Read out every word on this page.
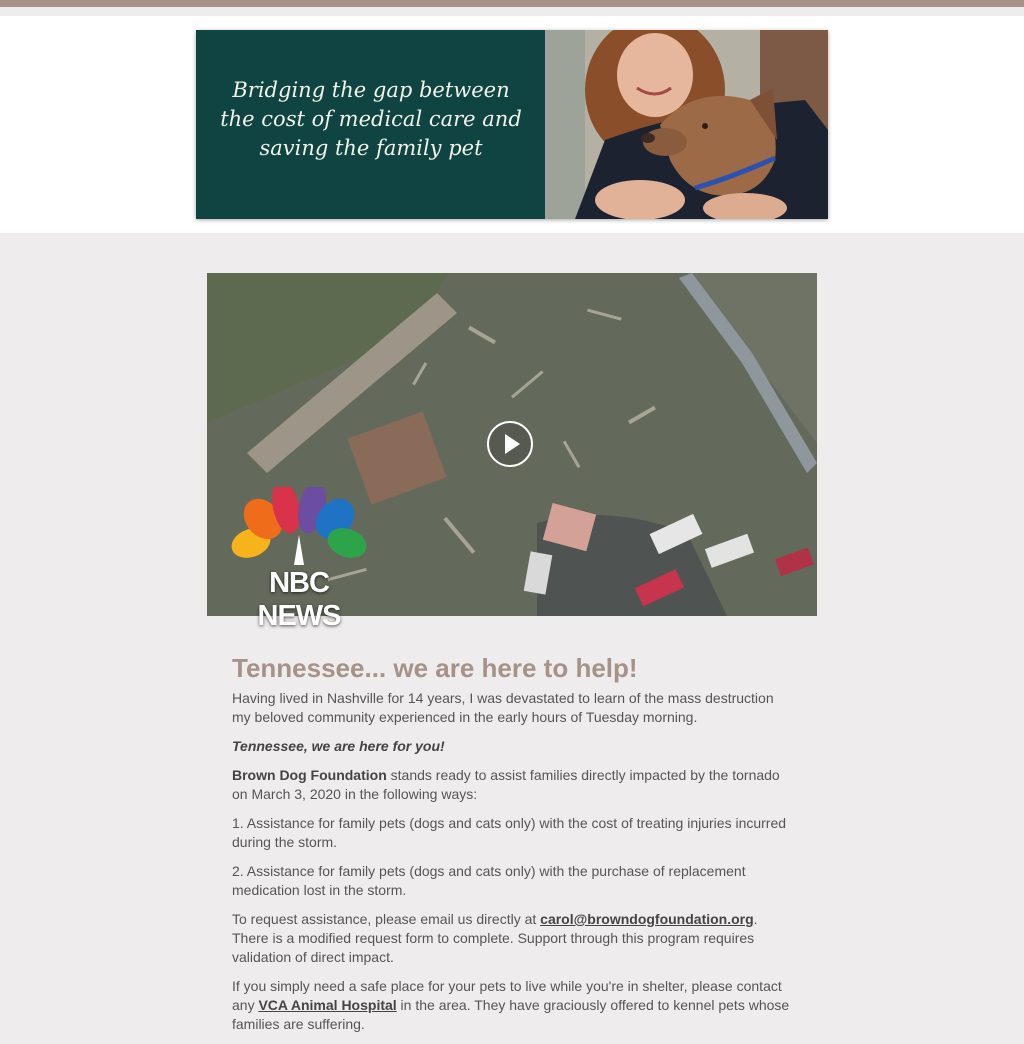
Bridging the gap between
the cost of medical care and
saving the family pet
NBC NEWS
Tennessee... we are here to help!

Having lived in Nashville for 14 years, I was devastated to learn of the mass destruction my beloved community experienced in the early hours of Tuesday morning.

Tennessee, we are here for you!

Brown Dog Foundation stands ready to assist families directly impacted by the tornado on March 3, 2020 in the following ways:

1. Assistance for family pets (dogs and cats only) with the cost of treating injuries incurred during the storm.

2. Assistance for family pets (dogs and cats only) with the purchase of replacement medication lost in the storm.

To request assistance, please email us directly at carol@browndogfoundation.org. There is a modified request form to complete. Support through this program requires validation of direct impact.

If you simply need a safe place for your pets to live while you're in shelter, please contact any VCA Animal Hospital in the area. They have graciously offered to kennel pets whose families are suffering.
